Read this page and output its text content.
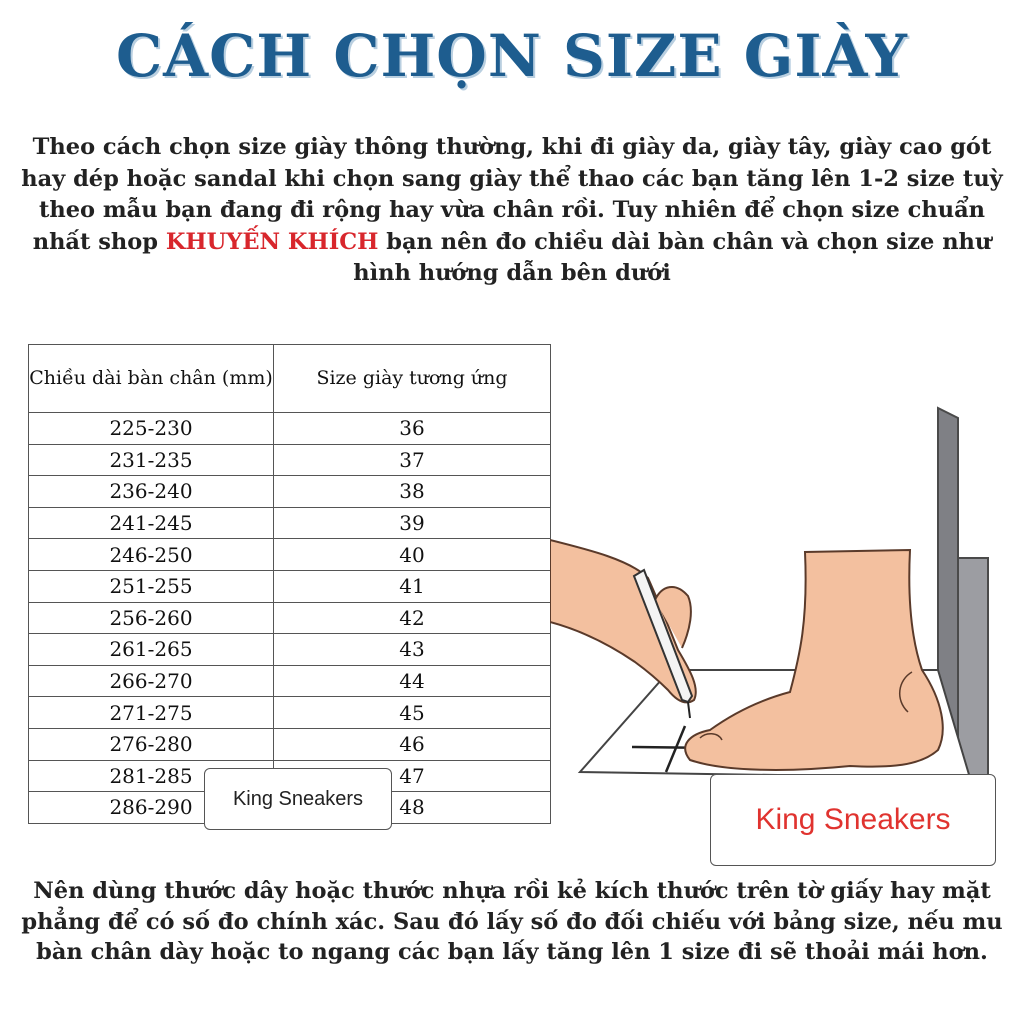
CÁCH CHỌN SIZE GIÀY
Theo cách chọn size giày thông thường, khi đi giày da, giày tây, giày cao gót hay dép hoặc sandal khi chọn sang giày thể thao các bạn tăng lên 1-2 size tuỳ theo mẫu bạn đang đi rộng hay vừa chân rồi. Tuy nhiên để chọn size chuẩn nhất shop KHUYẾN KHÍCH bạn nên đo chiều dài bàn chân và chọn size như hình hướng dẫn bên dưới
Chiều dài bàn chân (mm)	Size giày tương ứng
225-230	36
231-235	37
236-240	38
241-245	39
246-250	40
251-255	41
256-260	42
261-265	43
266-270	44
271-275	45
276-280	46
281-285	47
286-290	48
King Sneakers
King Sneakers
Nên dùng thước dây hoặc thước nhựa rồi kẻ kích thước trên tờ giấy hay mặt phẳng để có số đo chính xác. Sau đó lấy số đo đối chiếu với bảng size, nếu mu bàn chân dày hoặc to ngang các bạn lấy tăng lên 1 size đi sẽ thoải mái hơn.
